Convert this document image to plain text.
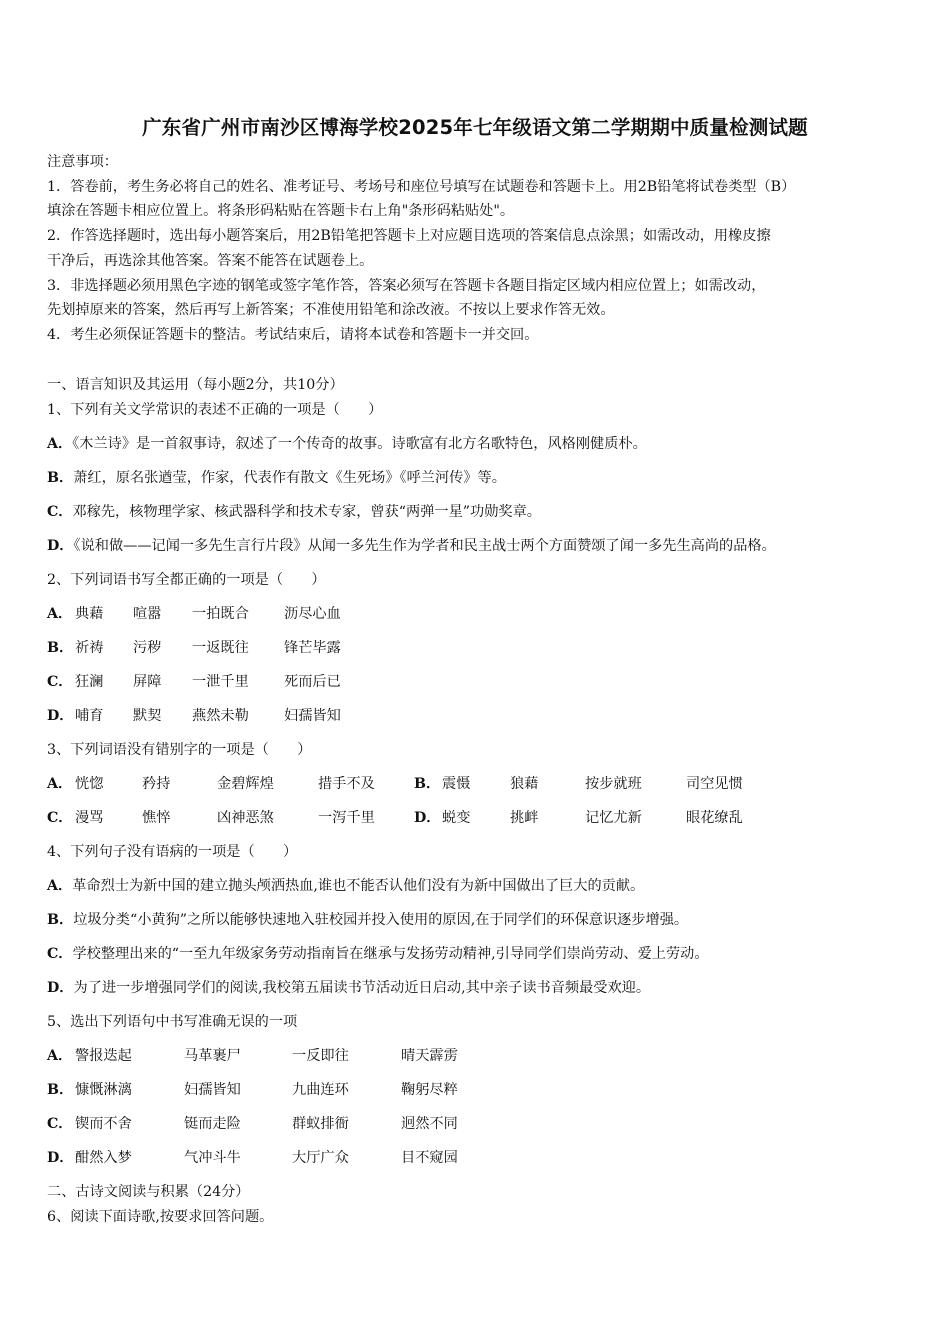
广东省广州市南沙区博海学校2025年七年级语文第二学期期中质量检测试题
注意事项：
1．答卷前，考生务必将自己的姓名、准考证号、考场号和座位号填写在试题卷和答题卡上。用2B铅笔将试卷类型（B）
填涂在答题卡相应位置上。将条形码粘贴在答题卡右上角"条形码粘贴处"。
2．作答选择题时，选出每小题答案后，用2B铅笔把答题卡上对应题目选项的答案信息点涂黑；如需改动，用橡皮擦
干净后，再选涂其他答案。答案不能答在试题卷上。
3．非选择题必须用黑色字迹的钢笔或签字笔作答，答案必须写在答题卡各题目指定区域内相应位置上；如需改动，
先划掉原来的答案，然后再写上新答案；不准使用铅笔和涂改液。不按以上要求作答无效。
4．考生必须保证答题卡的整洁。考试结束后，请将本试卷和答题卡一并交回。
一、语言知识及其运用（每小题2分，共10分）
1、下列有关文学常识的表述不正确的一项是（　　）
A．《木兰诗》是一首叙事诗，叙述了一个传奇的故事。诗歌富有北方名歌特色，风格刚健质朴。
B．萧红，原名张遒莹，作家，代表作有散文《生死场》《呼兰河传》等。
C．邓稼先，核物理学家、核武器科学和技术专家，曾获“两弹一星”功勋奖章。
D．《说和做——记闻一多先生言行片段》从闻一多先生作为学者和民主战士两个方面赞颂了闻一多先生高尚的品格。
2、下列词语书写全都正确的一项是（　　）
A． 典藉 喧嚣 一拍既合 沥尽心血
B． 祈祷 污秽 一返既往 锋芒毕露
C． 狂澜 屏障 一泄千里 死而后已
D． 哺育 默契 燕然未勒 妇孺皆知
3、下列词语没有错别字的一项是（　　）
A． 恍惚	矜持	金碧辉煌	措手不及	B． 震慑	狼藉	按步就班	司空见惯
C． 漫骂	憔悴	凶神恶煞	一泻千里	D． 蜕变	挑衅	记忆尤新	眼花缭乱
4、下列句子没有语病的一项是（　　）
A．革命烈士为新中国的建立抛头颅洒热血,谁也不能否认他们没有为新中国做出了巨大的贡献。
B．垃圾分类“小黄狗”之所以能够快速地入驻校园并投入使用的原因,在于同学们的环保意识逐步增强。
C．学校整理出来的“一至九年级家务劳动指南旨在继承与发扬劳动精神,引导同学们崇尚劳动、爱上劳动。
D．为了进一步增强同学们的阅读,我校第五届读书节活动近日启动,其中亲子读书音频最受欢迎。
5、选出下列语句中书写准确无误的一项
A． 警报迭起	马革裹尸	一反即往	晴天霹雳
B． 慷慨淋漓	妇孺皆知	九曲连环	鞠躬尽粹
C． 锲而不舍	铤而走险	群蚁排衙	迥然不同
D． 酣然入梦	气冲斗牛	大厅广众	目不窥园
二、古诗文阅读与积累（24分）
6、阅读下面诗歌,按要求回答问题。
